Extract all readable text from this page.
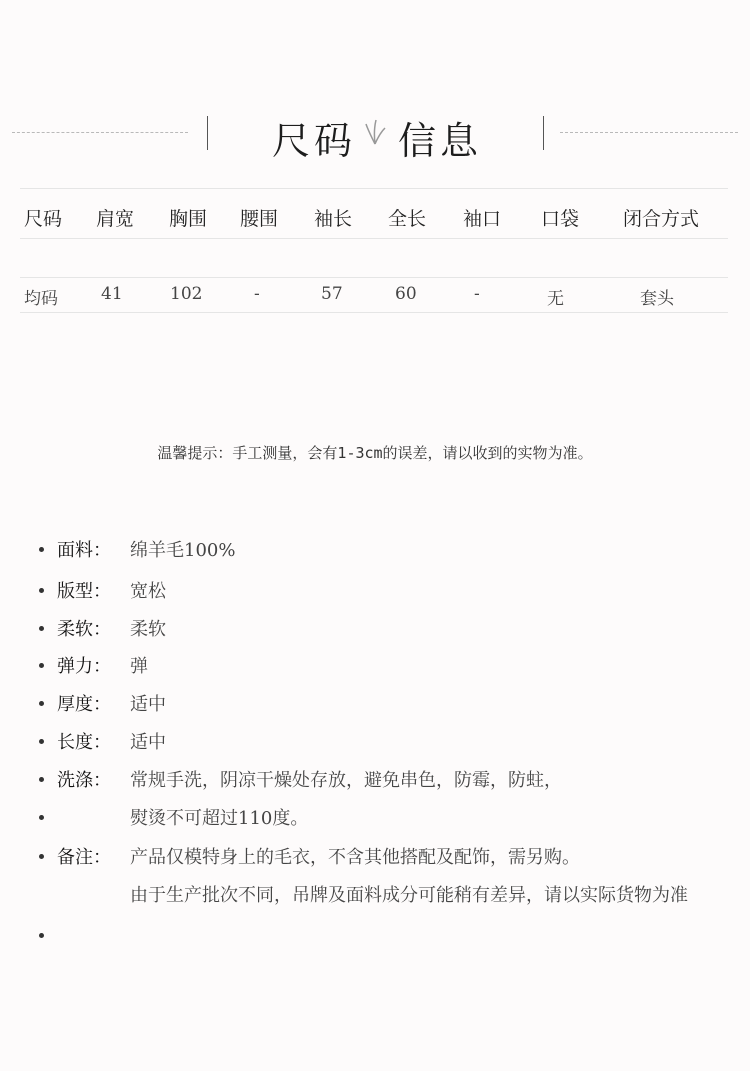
尺码 信息
尺码 肩宽 胸围 腰围 袖长 全长 袖口 口袋 闭合方式
均码	41	102	-	57	60	-	无	套头
温馨提示：手工测量，会有1-3cm的误差，请以收到的实物为准。
面料： 绵羊毛100%
版型： 宽松
柔软： 柔软
弹力： 弹
厚度： 适中
长度： 适中
洗涤： 常规手洗，阴凉干燥处存放，避免串色，防霉，防蛀，
熨烫不可超过110度。
备注： 产品仅模特身上的毛衣，不含其他搭配及配饰，需另购。
由于生产批次不同，吊牌及面料成分可能稍有差异，请以实际货物为准
